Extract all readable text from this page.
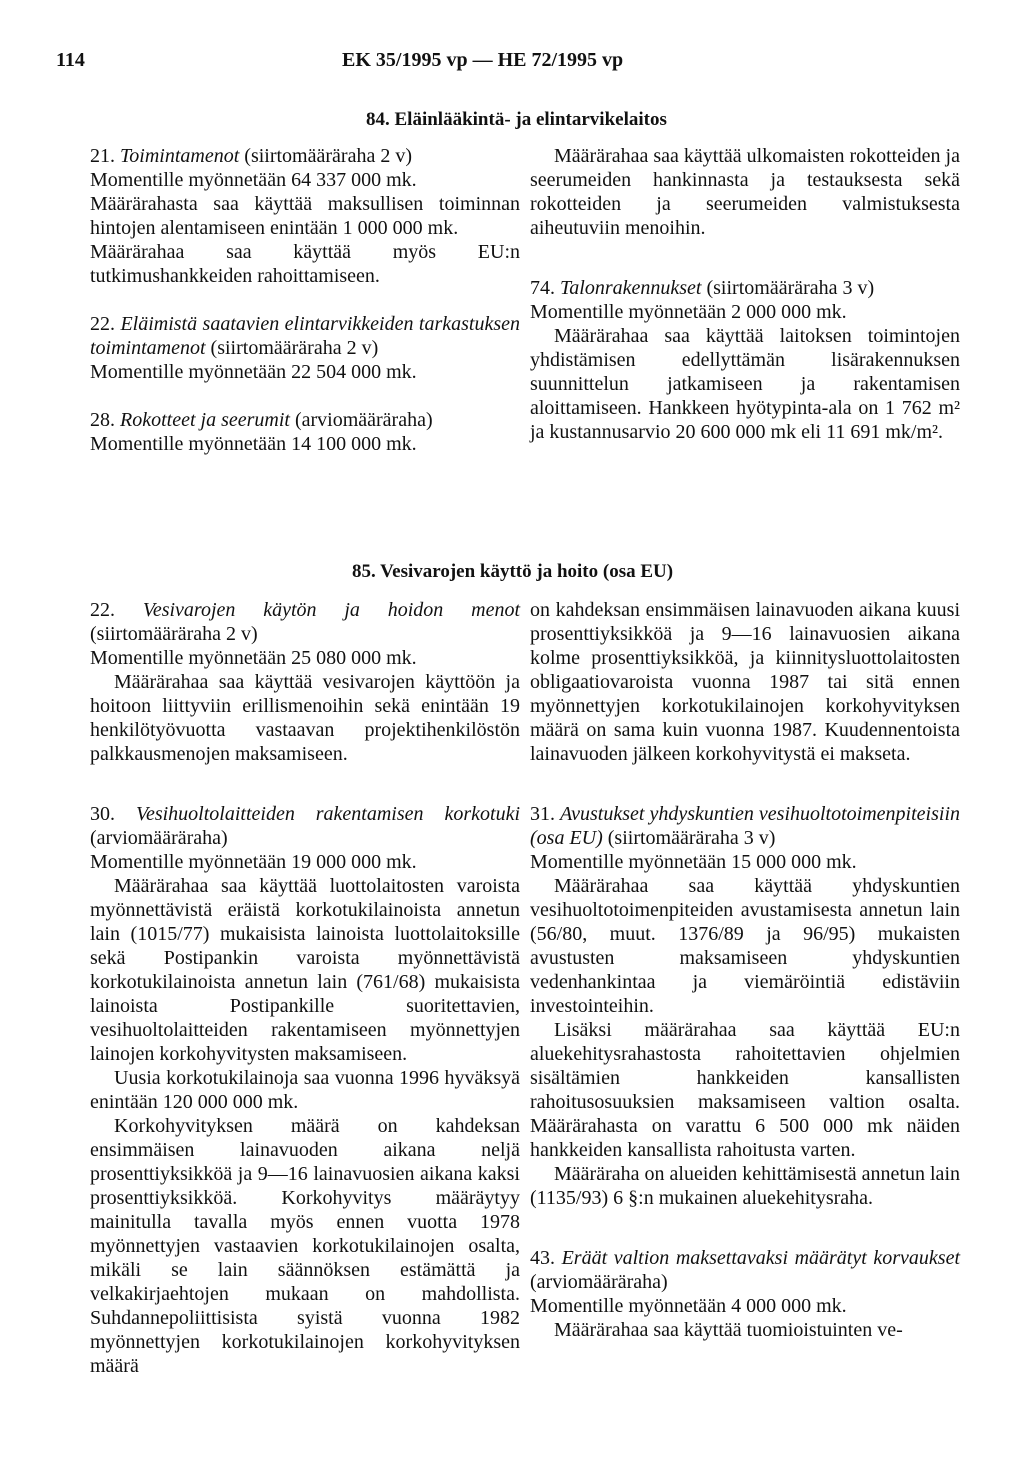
114	EK 35/1995 vp — HE 72/1995 vp
84. Eläinlääkintä- ja elintarvikelaitos

21. Toimintamenot (siirtomääräraha 2 v)

Momentille myönnetään 64 337 000 mk.

Määrärahasta saa käyttää maksullisen toiminnan hintojen alentamiseen enintään 1 000 000 mk.

Määrärahaa saa käyttää myös EU:n tutkimushankkeiden rahoittamiseen.

22. Eläimistä saatavien elintarvikkeiden tarkastuksen toimintamenot (siirtomääräraha 2 v)

Momentille myönnetään 22 504 000 mk.

28. Rokotteet ja seerumit (arviomääräraha)

Momentille myönnetään 14 100 000 mk.

Määrärahaa saa käyttää ulkomaisten rokotteiden ja seerumeiden hankinnasta ja testauksesta sekä rokotteiden ja seerumeiden valmistuksesta aiheutuviin menoihin.

74. Talonrakennukset (siirtomääräraha 3 v)

Momentille myönnetään 2 000 000 mk.

Määrärahaa saa käyttää laitoksen toimintojen yhdistämisen edellyttämän lisärakennuksen suunnittelun jatkamiseen ja rakentamisen aloittamiseen. Hankkeen hyötypinta-ala on 1 762 m² ja kustannusarvio 20 600 000 mk eli 11 691 mk/m².

85. Vesivarojen käyttö ja hoito (osa EU)

22. Vesivarojen käytön ja hoidon menot (siirtomääräraha 2 v)

Momentille myönnetään 25 080 000 mk.

Määrärahaa saa käyttää vesivarojen käyttöön ja hoitoon liittyviin erillismenoihin sekä enintään 19 henkilötyövuotta vastaavan projektihenkilöstön palkkausmenojen maksamiseen.

30. Vesihuoltolaitteiden rakentamisen korkotuki (arviomääräraha)

Momentille myönnetään 19 000 000 mk.

Määrärahaa saa käyttää luottolaitosten varoista myönnettävistä eräistä korkotukilainoista annetun lain (1015/77) mukaisista lainoista luottolaitoksille sekä Postipankin varoista myönnettävistä korkotukilainoista annetun lain (761/68) mukaisista lainoista Postipankille suoritettavien, vesihuoltolaitteiden rakentamiseen myönnettyjen lainojen korkohyvitysten maksamiseen.

Uusia korkotukilainoja saa vuonna 1996 hyväksyä enintään 120 000 000 mk.

Korkohyvityksen määrä on kahdeksan ensimmäisen lainavuoden aikana neljä prosenttiyksikköä ja 9—16 lainavuosien aikana kaksi prosenttiyksikköä. Korkohyvitys määräytyy mainitulla tavalla myös ennen vuotta 1978 myönnettyjen vastaavien korkotukilainojen osalta, mikäli se lain säännöksen estämättä ja velkakirjaehtojen mukaan on mahdollista. Suhdannepoliittisista syistä vuonna 1982 myönnettyjen korkotukilainojen korkohyvityksen määrä

on kahdeksan ensimmäisen lainavuoden aikana kuusi prosenttiyksikköä ja 9—16 lainavuosien aikana kolme prosenttiyksikköä, ja kiinnitysluottolaitosten obligaatiovaroista vuonna 1987 tai sitä ennen myönnettyjen korkotukilainojen korkohyvityksen määrä on sama kuin vuonna 1987. Kuudennentoista lainavuoden jälkeen korkohyvitystä ei makseta.

31. Avustukset yhdyskuntien vesihuoltotoimenpiteisiin (osa EU) (siirtomääräraha 3 v)

Momentille myönnetään 15 000 000 mk.

Määrärahaa saa käyttää yhdyskuntien vesihuoltotoimenpiteiden avustamisesta annetun lain (56/80, muut. 1376/89 ja 96/95) mukaisten avustusten maksamiseen yhdyskuntien vedenhankintaa ja viemäröintiä edistäviin investointeihin.

Lisäksi määrärahaa saa käyttää EU:n aluekehitysrahastosta rahoitettavien ohjelmien sisältämien hankkeiden kansallisten rahoitusosuuksien maksamiseen valtion osalta. Määrärahasta on varattu 6 500 000 mk näiden hankkeiden kansallista rahoitusta varten.

Määräraha on alueiden kehittämisestä annetun lain (1135/93) 6 §:n mukainen aluekehitysraha.

43. Eräät valtion maksettavaksi määrätyt korvaukset (arviomääräraha)

Momentille myönnetään 4 000 000 mk.

Määrärahaa saa käyttää tuomioistuinten ve-
